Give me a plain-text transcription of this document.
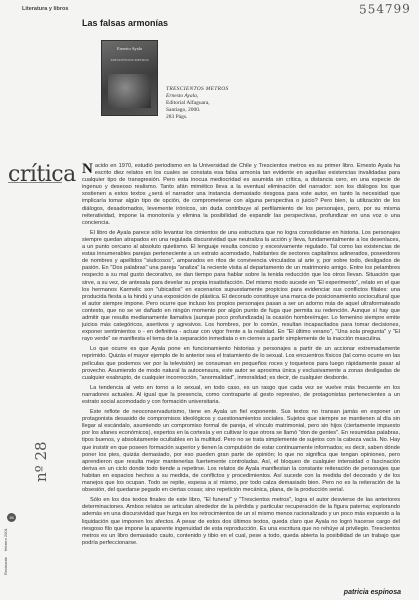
554799
Literatura y libros
Las falsas armonías
Ernesto Ayala
TRESCIENTOS METROS
TRESCIENTOS METROS
Ernesto Ayala,
Editorial Alfaguara,
Santiago, 2000.
283 Págs.
crítica
Rocinante febrero 2001
36
nº 28

Nacido en 1970, estudió periodismo en la Universidad de Chile y Trescientos metros es su primer libro. Ernesto Ayala ha escrito diez relatos en los cuales se constata esa falsa armonía tan evidente en aquellas existencias invalidadas para cualquier tipo de transgresión. Pero esta inocua mediocridad es asumida sin crítica, a distancia cero, en una especie de ingenuo y deseoso realismo. Tanto afán mimético lleva a la eventual eliminación del narrador: son los diálogos los que sostienen a estos textos ¿será el narrador una instancia demasiado riesgosa para este autor, en tanto la necesidad que implicaría tomar algún tipo de opción, de comprometerse con alguna perspectiva o juicio? Pero bien, la utilización de los diálogos, desadornados, levemente irónicos, sin duda contribuye al perfilamiento de los personajes, pero, por su misma reiteratividad, impone la monotonía y elimina la posibilidad de expandir las perspectivas, profundizar en una voz o una conciencia.

El libro de Ayala parece sólo levantar los cimientos de una estructura que no logra consolidarse en historia. Los personajes siempre quedan atrapados en una regulada discursividad que neutraliza la acción y lleva, fundamentalmente a los desenlaces, a un punto cercano al absoluto quietismo. El lenguaje resulta conciso y excesivamente regulado. Tal como las existencias de estas innumerables parejas perteneciente a un estrato acomodado, habitantes de sectores capitalinos adinerados, poseedores de nombres y apellidos "siuticosos", amparados en ritos de convivencia vinculados al arte y, por sobre todo, desligados de pasión. En "Dos palabras" una pareja "analiza" la reciente visita al departamento de un matrimonio amigo. Entre los pelambres respecto a su mal gusto decorativo, se dan tiempo para hablar sobre la tenida reducción que los otros llevan. Situación que sirve, a su vez, de antesala para develar su propia insatisfacción. Del mismo modo sucede en "El experimento", relato en el que los hermanos Karmelic son "ubicados" en escenarios supuestamente propicios para evidenciar sus conflictos filiales: una producida fiesta a la hindú y una exposición de plástica. El decorado constituye una marca de posicionamiento sociocultural que el autor siempre impone. Pero ocurre que incluso los propios personajes pasan a ser un adorno más de aquel ultraformateado contexto, que no se ve dañado en ningún momento por algún punto de fuga que permita su redención. Aunque sí hay que admitir que resulta medianamente llamativa (aunque poco profundizada) la ocasión hombre/mujer. Lo femenino siempre emite juicios más categóricos, asertivos y agresivos. Los hombres, por lo común, resultan incapacitados para tomar decisiones, exponer sentimientos o - en definitiva - actuar con vigor frente a la realidad. En "El último verano", "Una sola pregunta" y "El rayo verde" se manifiesta el tema de la separación inmediata o en ciernes a partir simplemente de la inacción masculina.

Lo que ocurre es que Ayala pone en funcionamiento historias y personajes a partir de un accionar extremadamente reprimido. Quizás el mayor ejemplo de lo anterior sea el tratamiento de lo sexual. Los encuentros físicos (tal como ocurre en las películas que podemos ver por la televisión) se consuman en pequeños roces y toqueteos para luego rápidamente pasar al provecho. Asumiendo de modo natural la autocensura, este autor se aproxima única y exclusivamente a zonas desligadas de cualquier exabrupto, de cualquier incorrección, "anormalidad", inmoralidad; es decir, de cualquier desborde.

La tendencia al veto en torno a lo sexual, en todo caso, es un rasgo que cada vez se vuelve más frecuente en los narradores actuales. Al igual que la presencia, como contraparte al gesto represivo, de protagonistas pertenecientes a un estrato social acomodado y con formación universitaria.

Este reflote de neoconservadurismo, tiene en Ayala un fiel exponente. Sus textos no transan jamás en exponer un protagonista desasido de compromisos ideológicos y cuestionamientos sociales. Sujetos que siempre se mantienen al día sin llegar al escándalo, asumiendo un compromiso formal de pareja, el vínculo matrimonial, pero sin hijos (ciertamente impuesto por los afanes económicos), expertos en la cortesía y en cultivar lo que otrora se llamó "don de gentes". En resumidas palabras, tipos buenos, y absolutamente ocultables en la multitud. Pero no se trata simplemente de sujetos con la cabeza vacía. No. Hay que insistir en que poseen formación superior y tienen la compulsión de estar continuamente informados; es decir, saben dónde poner los pies, quizás demasiado, por eso pueden gran parte de opinión; lo que no significa que tengan opiniones, pero aprendieron que resulta mejor mantenerlas fuertemente controladas. Así, el bloqueo de cualquier intensidad o fascinación deriva en un ciclo donde todo tiende a repetirse. Los relatos de Ayala manifiestan la constante reiteración de personajes que habitan en espacios hechos a su medida, de conflictos y procedimientos. Así sucede con la medida del decorado y de los manejos que los ocupan. Todo se repite, espesa a sí mismo, por todo calza demasiado bien. Pero no es la reiteración de la obsesión, del quedarse pegado en ciertas cosas; sino repetición mecánica, plana, de la producción serial.

Sólo en los dos textos finales de este libro, "El funeral" y "Trescientos metros", logra el autor desvierse de las anteriores determinaciones. Ambos relatos se articulan alrededor de la pérdida y particular recuperación de la figura paterna; explorando además en una discursividad que hurga en los retrocimientos de un sí mismo menos racionalizado y un poco más expuesto a la liquidación que imponen los afectos. A pesar de estos dos últimos textos, queda claro que Ayala no logró hacerse cargo del riesgoso filo que impone la aparente ingenuidad de esta reproducción. Es una escritura que no rehúye al privilegio. Trescientos metros es un libro demasiado cauto, contenido y tibio en el cual, pese a todo, queda abierta la posibilidad de un trabajo que podría perfeccionarse.

patricia espinosa
